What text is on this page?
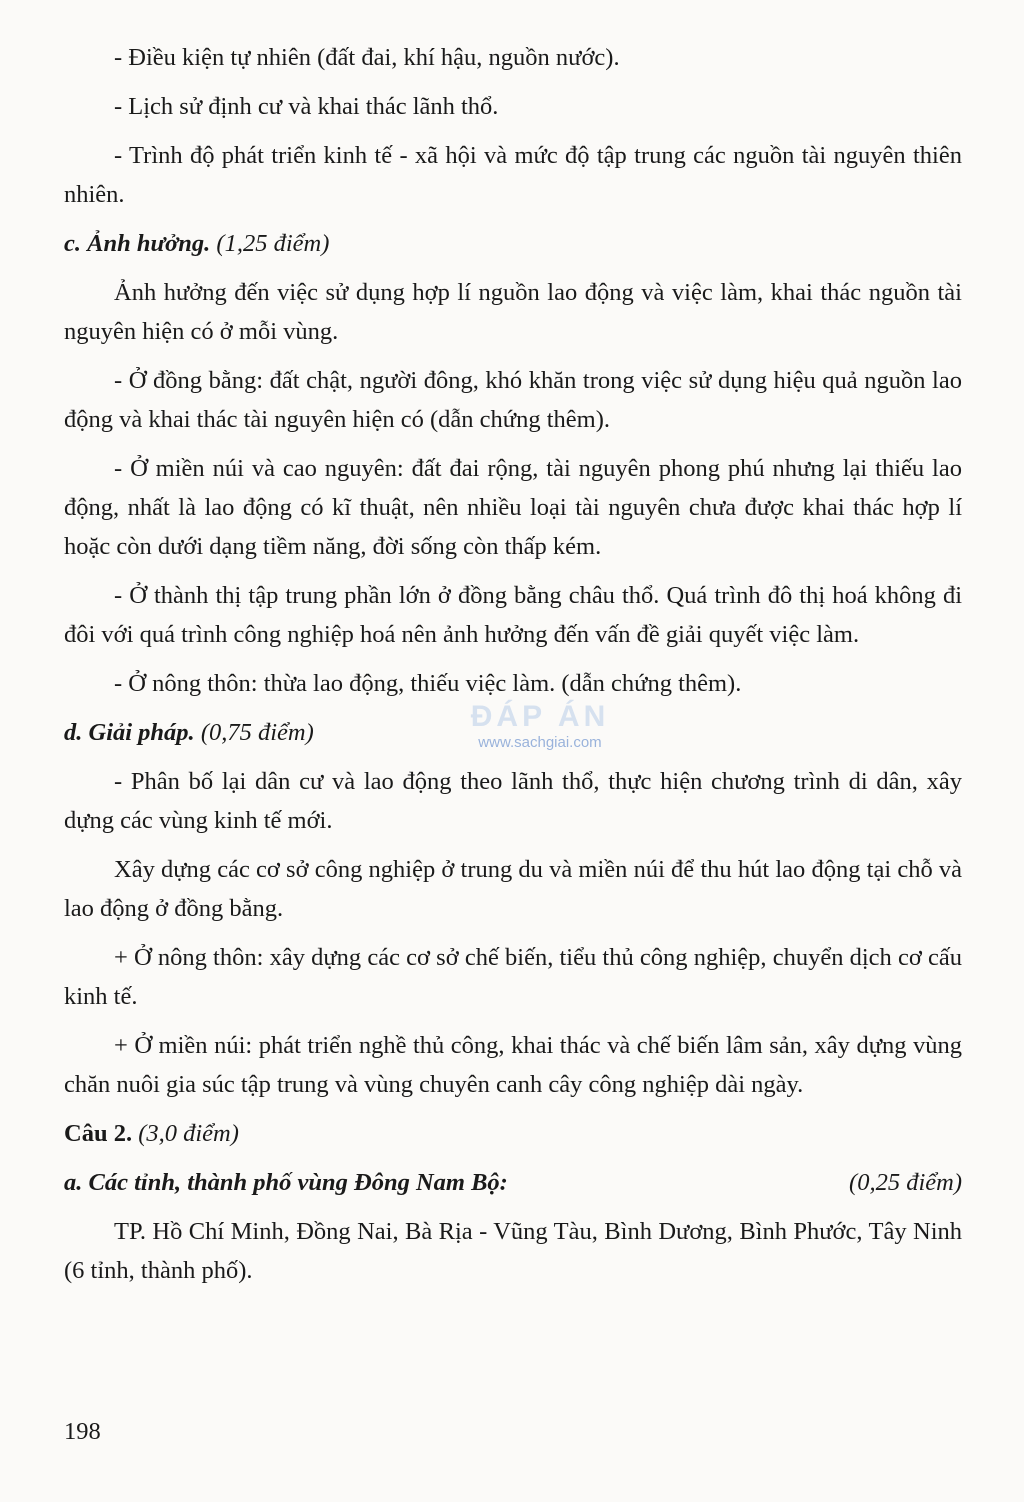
- Điều kiện tự nhiên (đất đai, khí hậu, nguồn nước).

- Lịch sử định cư và khai thác lãnh thổ.

- Trình độ phát triển kinh tế - xã hội và mức độ tập trung các nguồn tài nguyên thiên nhiên.

c. Ảnh hưởng. (1,25 điểm)

Ảnh hưởng đến việc sử dụng hợp lí nguồn lao động và việc làm, khai thác nguồn tài nguyên hiện có ở mỗi vùng.

- Ở đồng bằng: đất chật, người đông, khó khăn trong việc sử dụng hiệu quả nguồn lao động và khai thác tài nguyên hiện có (dẫn chứng thêm).

- Ở miền núi và cao nguyên: đất đai rộng, tài nguyên phong phú nhưng lại thiếu lao động, nhất là lao động có kĩ thuật, nên nhiều loại tài nguyên chưa được khai thác hợp lí hoặc còn dưới dạng tiềm năng, đời sống còn thấp kém.

- Ở thành thị tập trung phần lớn ở đồng bằng châu thổ. Quá trình đô thị hoá không đi đôi với quá trình công nghiệp hoá nên ảnh hưởng đến vấn đề giải quyết việc làm.

- Ở nông thôn: thừa lao động, thiếu việc làm. (dẫn chứng thêm).

d. Giải pháp. (0,75 điểm)

- Phân bố lại dân cư và lao động theo lãnh thổ, thực hiện chương trình di dân, xây dựng các vùng kinh tế mới.

Xây dựng các cơ sở công nghiệp ở trung du và miền núi để thu hút lao động tại chỗ và lao động ở đồng bằng.

+ Ở nông thôn: xây dựng các cơ sở chế biến, tiểu thủ công nghiệp, chuyển dịch cơ cấu kinh tế.

+ Ở miền núi: phát triển nghề thủ công, khai thác và chế biến lâm sản, xây dựng vùng chăn nuôi gia súc tập trung và vùng chuyên canh cây công nghiệp dài ngày.

Câu 2. (3,0 điểm)

a. Các tỉnh, thành phố vùng Đông Nam Bộ:	(0,25 điểm)

TP. Hồ Chí Minh, Đồng Nai, Bà Rịa - Vũng Tàu, Bình Dương, Bình Phước, Tây Ninh (6 tỉnh, thành phố).

ĐÁP ÁN
www.sachgiai.com
198
